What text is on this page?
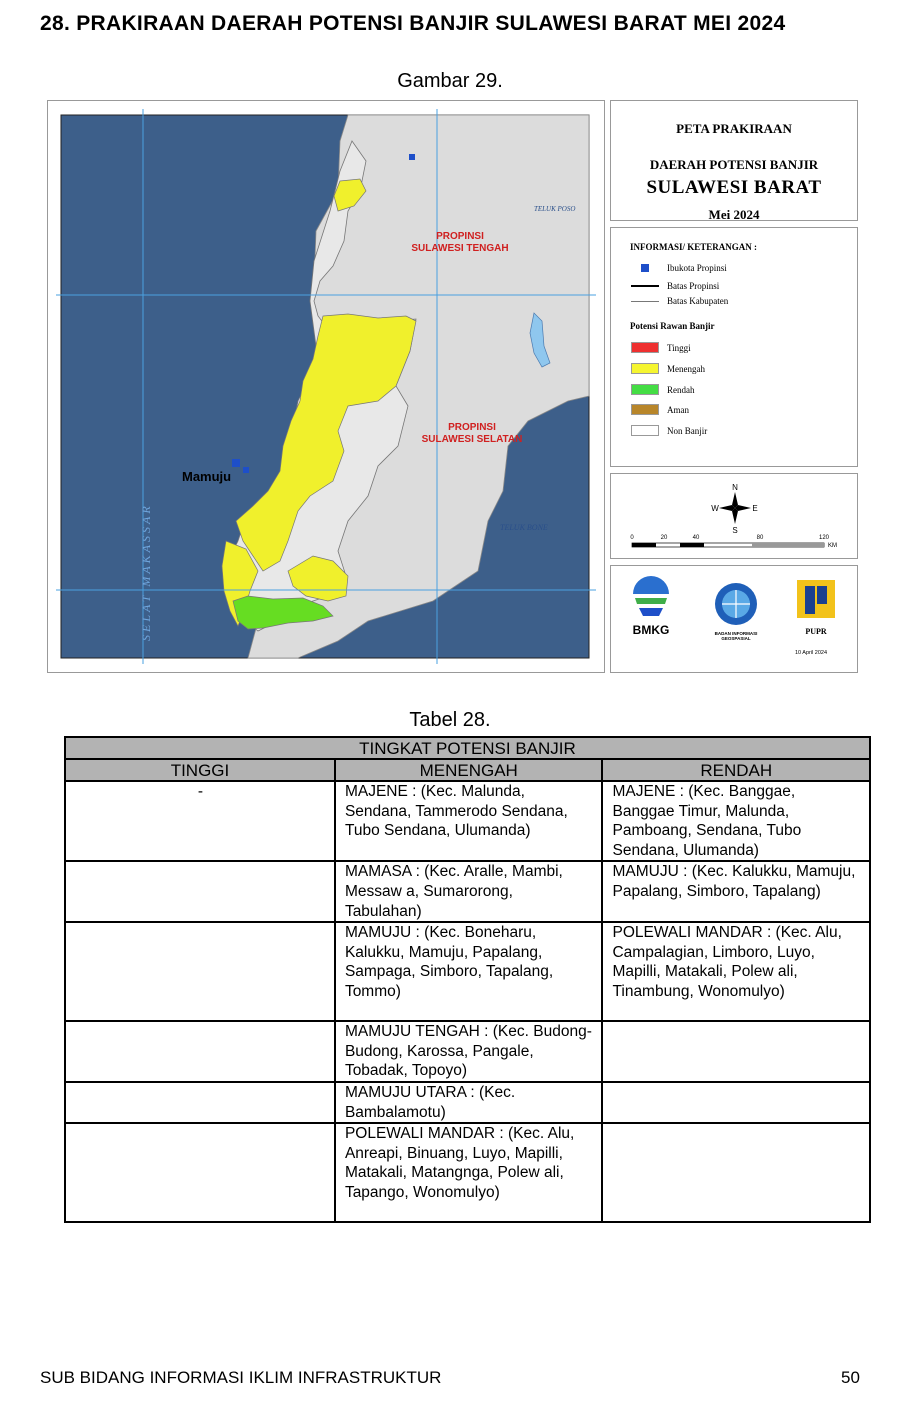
28. PRAKIRAAN DAERAH POTENSI BANJIR SULAWESI BARAT MEI 2024
Gambar 29.
PROPINSI
SULAWESI TENGAH
PROPINSI
SULAWESI SELATAN
Mamuju
SELAT MAKASSAR
TELUK POSO
TELUK BONE
PETA PRAKIRAAN
DAERAH POTENSI BANJIR
SULAWESI BARAT
Mei 2024
INFORMASI/ KETERANGAN :
Ibukota Propinsi
Batas Propinsi
Batas Kabupaten
Potensi Rawan Banjir
Tinggi
Menengah
Rendah
Aman
Non Banjir
N
S
W	E
0	20	40	80	120
KM
BMKG	BADAN INFORMASI
GEOSPASIAL
PUPR
10 April 2024
Tabel 28.
TINGKAT POTENSI BANJIR		
TINGGI	MENENGAH	RENDAH
-	MAJENE : (Kec. Malunda, Sendana, Tammerodo Sendana, Tubo Sendana, Ulumanda)	MAJENE : (Kec. Banggae, Banggae Timur, Malunda, Pamboang, Sendana, Tubo Sendana, Ulumanda)
	MAMASA : (Kec. Aralle, Mambi, Messaw a, Sumarorong, Tabulahan)	MAMUJU : (Kec. Kalukku, Mamuju, Papalang, Simboro, Tapalang)
	MAMUJU : (Kec. Boneharu, Kalukku, Mamuju, Papalang, Sampaga, Simboro, Tapalang, Tommo)	POLEWALI MANDAR : (Kec. Alu, Campalagian, Limboro, Luyo, Mapilli, Matakali, Polew ali, Tinambung, Wonomulyo)
	MAMUJU TENGAH : (Kec. Budong-Budong, Karossa, Pangale, Tobadak, Topoyo)	
	MAMUJU UTARA : (Kec. Bambalamotu)	
	POLEWALI MANDAR : (Kec. Alu, Anreapi, Binuang, Luyo, Mapilli, Matakali, Matangnga, Polew ali, Tapango, Wonomulyo)	
SUB BIDANG INFORMASI IKLIM INFRASTRUKTUR	50
